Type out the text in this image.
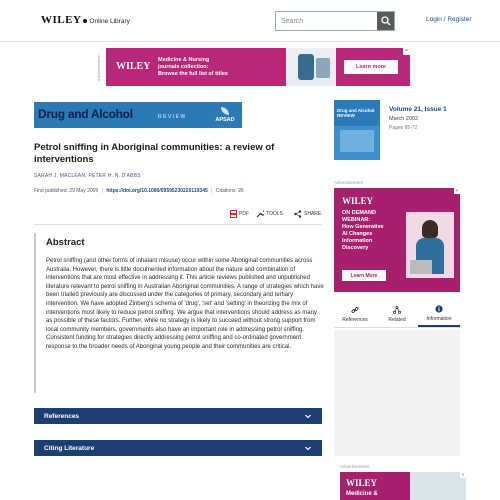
WILEY Online Library
Search	Login / Register
Advertisement	WILEY
Medicine & Nursing
journals collection:
Browse the full list of titles
Learn more
×
Drug and Alcohol	REVIEW	APSAD
Petrol sniffing in Aboriginal communities: a review of interventions
SARAH J. MACLEAN, PETER H. N. D'ABBS
First published: 29 May 2009 | https://doi.org/10.1080/09595230220119345 | Citations: 26
PDF	TOOLS	SHARE
Abstract
Petrol sniffing (and other forms of inhalant misuse) occur within some Aboriginal communities across Australia. However, there is little documented information about the nature and combination of interventions that are most effective in addressing it. This article reviews published and unpublished literature relevant to petrol sniffing in Australian Aboriginal communities. A range of strategies which have been trialled previously are discussed under the categories of primary, secondary and tertiary intervention. We have adopted Zinberg's schema of 'drug', 'set' and 'setting' in theorizing the mix of interventions most likely to reduce petrol sniffing. We argue that interventions should address as many as possible of these factors. Further, while no strategy is likely to succeed without strong support from local community members, governments also have an important role in addressing petrol sniffing. Consistent funding for strategies directly addressing petrol sniffing and co-ordinated government response to the broader needs of Aboriginal young people and their communities are critical.
References
Citing Literature
Drug and Alcohol REVIEW
Volume 21, Issue 1
March 2002
Pages 65-72
Advertisement
WILEY
ON DEMAND
WEBINAR:
How Generative
AI Changes
Information
Discovery
Learn More
×
References	Related	Information
Advertisement
WILEY
Medicine &
×
